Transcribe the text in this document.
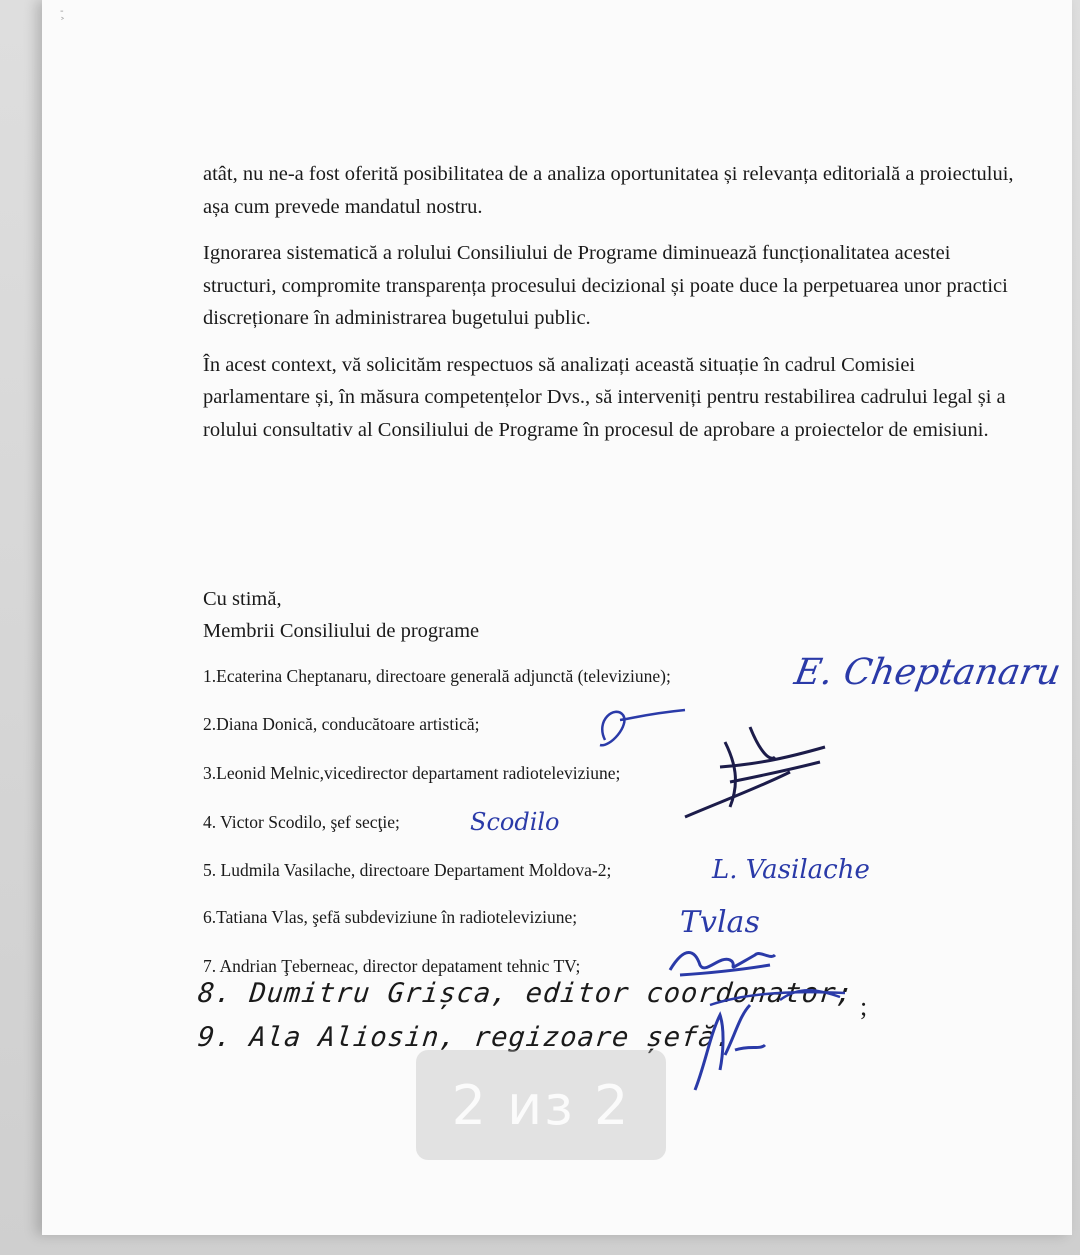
- ˃

atât, nu ne-a fost oferită posibilitatea de a analiza oportunitatea și relevanța editorială a proiectului, așa cum prevede mandatul nostru.

Ignorarea sistematică a rolului Consiliului de Programe diminuează funcționalitatea acestei structuri, compromite transparența procesului decizional și poate duce la perpetuarea unor practici discreționare în administrarea bugetului public.

În acest context, vă solicităm respectuos să analizați această situație în cadrul Comisiei parlamentare și, în măsura competențelor Dvs., să interveniți pentru restabilirea cadrului legal și a rolului consultativ al Consiliului de Programe în procesul de aprobare a proiectelor de emisiuni.

Cu stimă,
Membrii Consiliului de programe
1.Ecaterina Cheptanaru, directoare generală adjunctă (televiziune);
2.Diana Donică, conducătoare artistică;
3.Leonid Melnic,vicedirector departament radioteleviziune;
4. Victor Scodilo, şef secţie;
5. Ludmila Vasilache, directoare Departament Moldova-2;
6.Tatiana Vlas, şefă subdeviziune în radioteleviziune;
7. Andrian Ţeberneac, director depatament tehnic TV;
8. Dumitru Grișca, editor coordonator;
9. Ala Aliosin, regizoare șefă.
;
E. Cheptanaru
Scodilo
L. Vasilache
Tvlas
2 из 2
